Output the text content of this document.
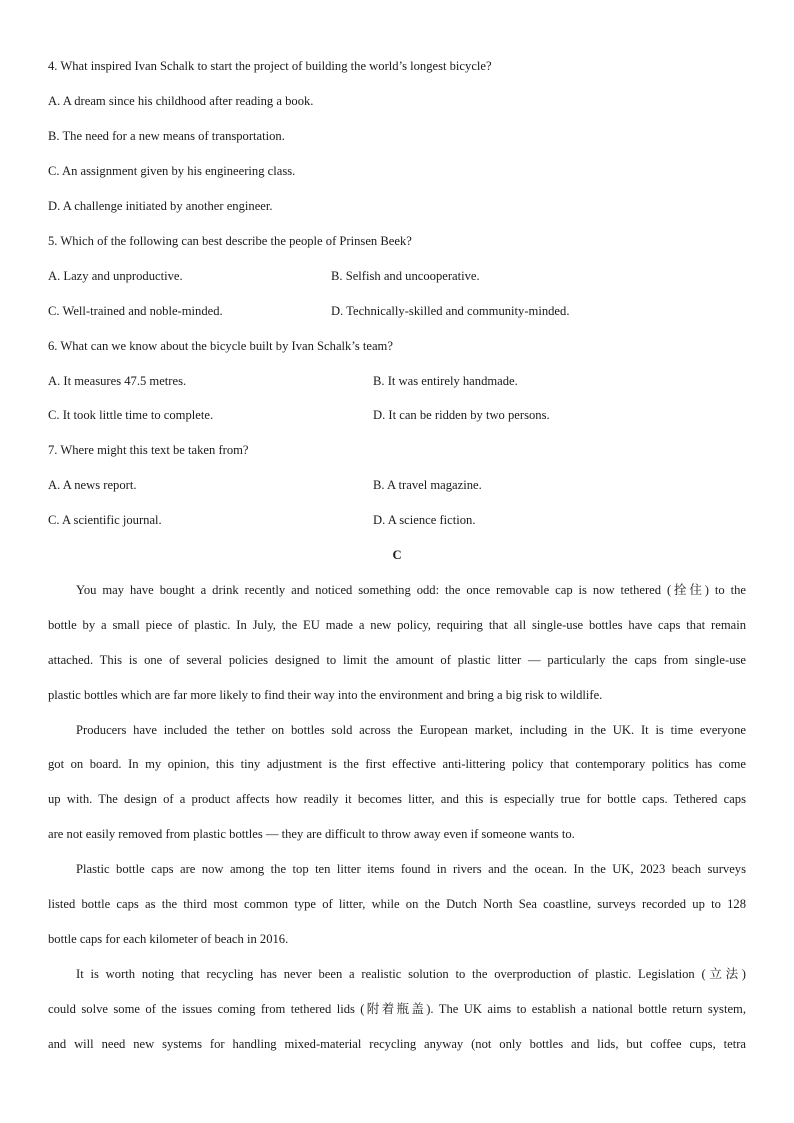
4. What inspired Ivan Schalk to start the project of building the world’s longest bicycle?
A. A dream since his childhood after reading a book.
B. The need for a new means of transportation.
C. An assignment given by his engineering class.
D. A challenge initiated by another engineer.
5. Which of the following can best describe the people of Prinsen Beek?
A. Lazy and unproductive.	B. Selfish and uncooperative.
C. Well-trained and noble-minded.	D. Technically-skilled and community-minded.
6. What can we know about the bicycle built by Ivan Schalk’s team?
A. It measures 47.5 metres.	B. It was entirely handmade.
C. It took little time to complete.	D. It can be ridden by two persons.
7. Where might this text be taken from?
A. A news report.	B. A travel magazine.
C. A scientific journal.	D. A science fiction.
C
You may have bought a drink recently and noticed something odd: the once removable cap is now tethered (拴住) to the
bottle by a small piece of plastic. In July, the EU made a new policy, requiring that all single-use bottles have caps that remain
attached. This is one of several policies designed to limit the amount of plastic litter — particularly the caps from single-use
plastic bottles which are far more likely to find their way into the environment and bring a big risk to wildlife.
Producers have included the tether on bottles sold across the European market, including in the UK. It is time everyone
got on board. In my opinion, this tiny adjustment is the first effective anti-littering policy that contemporary politics has come
up with. The design of a product affects how readily it becomes litter, and this is especially true for bottle caps. Tethered caps
are not easily removed from plastic bottles — they are difficult to throw away even if someone wants to.
Plastic bottle caps are now among the top ten litter items found in rivers and the ocean. In the UK, 2023 beach surveys
listed bottle caps as the third most common type of litter, while on the Dutch North Sea coastline, surveys recorded up to 128
bottle caps for each kilometer of beach in 2016.
It is worth noting that recycling has never been a realistic solution to the overproduction of plastic. Legislation (立法)
could solve some of the issues coming from tethered lids (附着瓶盖). The UK aims to establish a national bottle return system,
and will need new systems for handling mixed-material recycling anyway (not only bottles and lids, but coffee cups, tetra
